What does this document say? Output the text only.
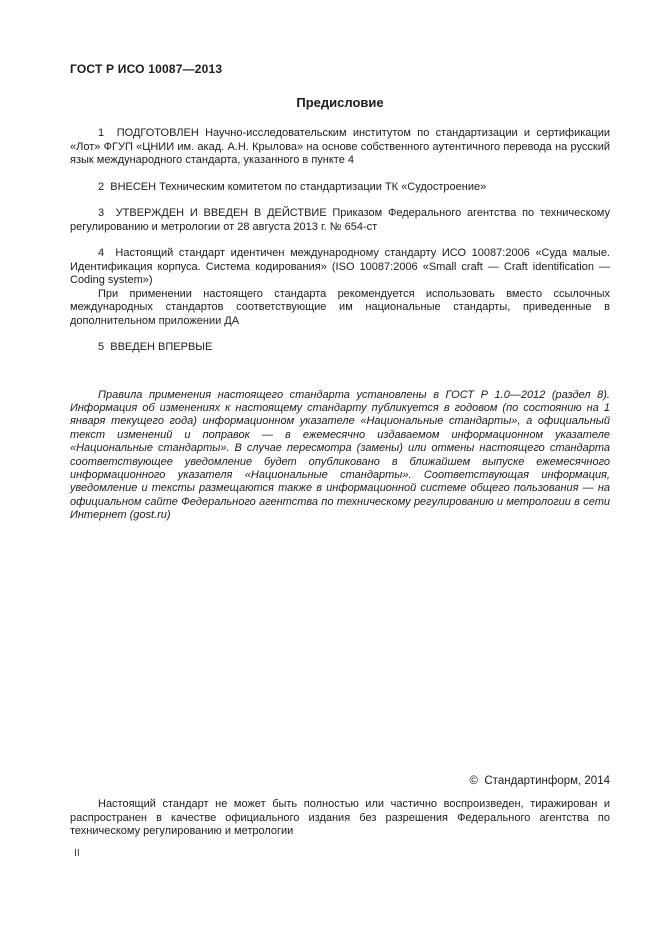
ГОСТ Р ИСО 10087—2013
Предисловие

1  ПОДГОТОВЛЕН Научно-исследовательским институтом по стандартизации и сертификации «Лот» ФГУП «ЦНИИ им. акад. А.Н. Крылова» на основе собственного аутентичного перевода на русский язык международного стандарта, указанного в пункте 4

2  ВНЕСЕН Техническим комитетом по стандартизации ТК «Судостроение»

3  УТВЕРЖДЕН И ВВЕДЕН В ДЕЙСТВИЕ Приказом Федерального агентства по техническому регулированию и метрологии от 28 августа 2013 г. № 654-ст

4  Настоящий стандарт идентичен международному стандарту ИСО 10087:2006 «Суда малые. Идентификация корпуса. Система кодирования» (ISO 10087:2006 «Small craft — Craft identification — Coding system»)

При применении настоящего стандарта рекомендуется использовать вместо ссылочных международных стандартов соответствующие им национальные стандарты, приведенные в дополнительном приложении ДА

5  ВВЕДЕН ВПЕРВЫЕ

Правила применения настоящего стандарта установлены в ГОСТ Р 1.0—2012 (раздел 8). Информация об изменениях к настоящему стандарту публикуется в годовом (по состоянию на 1 января текущего года) информационном указателе «Национальные стандарты», а официальный текст изменений и поправок — в ежемесячно издаваемом информационном указателе «Национальные стандарты». В случае пересмотра (замены) или отмены настоящего стандарта соответствующее уведомление будет опубликовано в ближайшем выпуске ежемесячного информационного указателя «Национальные стандарты». Соответствующая информация, уведомление и тексты размещаются также в информационной системе общего пользования — на официальном сайте Федерального агентства по техническому регулированию и метрологии в сети Интернет (gost.ru)

©  Стандартинформ, 2014
Настоящий стандарт не может быть полностью или частично воспроизведен, тиражирован и распространен в качестве официального издания без разрешения Федерального агентства по техническому регулированию и метрологии
II
